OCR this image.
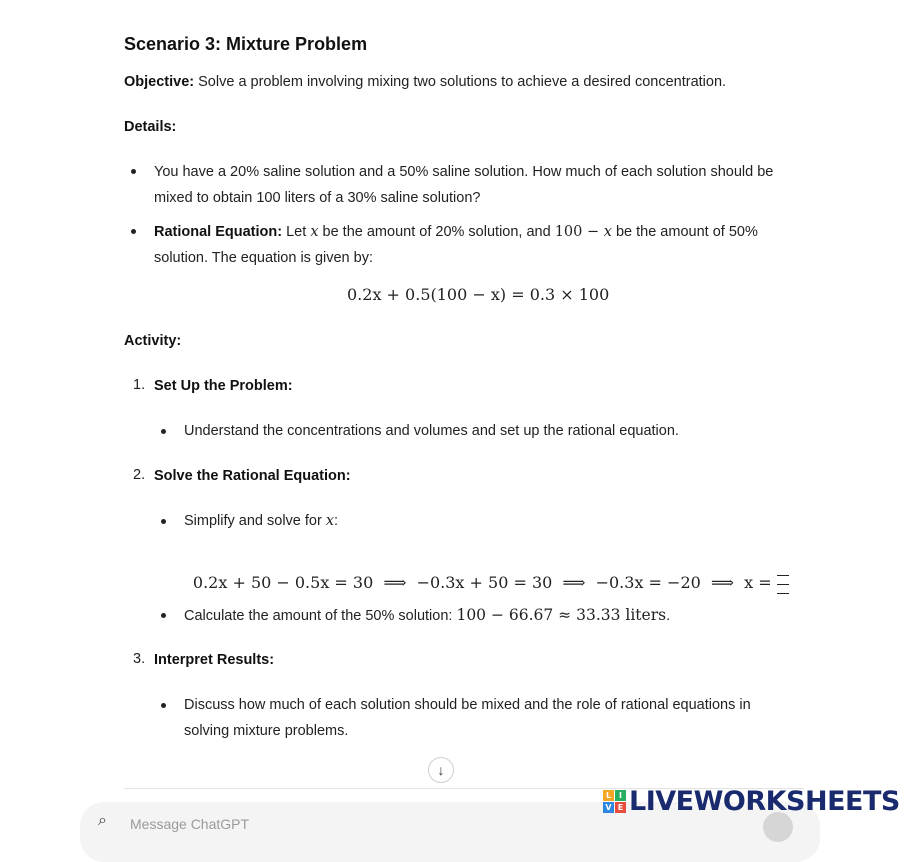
Scenario 3: Mixture Problem
Objective: Solve a problem involving mixing two solutions to achieve a desired concentration.
Details:
You have a 20% saline solution and a 50% saline solution. How much of each solution should be
mixed to obtain 100 liters of a 30% saline solution?
Rational Equation: Let x be the amount of 20% solution, and 100 − x be the amount of 50%
solution. The equation is given by:
0.2x + 0.5(100 − x) = 0.3 × 100
Activity:
1. Set Up the Problem:
Understand the concentrations and volumes and set up the rational equation.
2. Solve the Rational Equation:
Simplify and solve for x:

0.2x + 50 − 0.5x = 30  ⟹  −0.3x + 50 = 30  ⟹  −0.3x = −20  ⟹  x =

Calculate the amount of the 50% solution: 100 − 66.67 ≈ 33.33 liters.
3. Interpret Results:
Discuss how much of each solution should be mixed and the role of rational equations in
solving mixture problems.
↓
⌕ Message ChatGPT
L I
V E LIVEWORKSHEETS
